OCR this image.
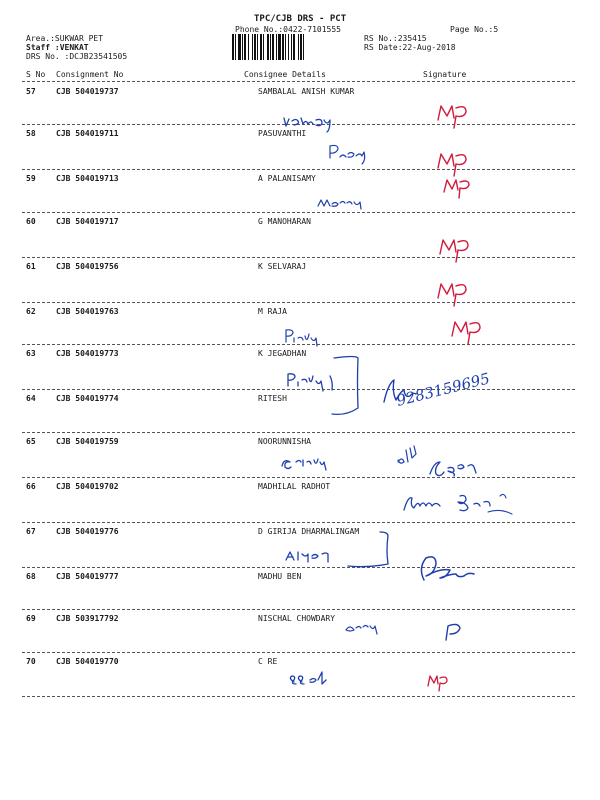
TPC/CJB DRS - PCT
Phone No.:0422-7101555
Area.:SUKWAR PET
Staff :VENKAT
DRS No. :DCJB23541505
RS No.:235415
RS Date:22-Aug-2018
Page No.:5
S No Consignment No	Consignee Details	Signature
57	CJB 504019737	SAMBALAL ANISH KUMAR
58	CJB 504019711	PASUVANTHI
59	CJB 504019713	A PALANISAMY
60	CJB 504019717	G MANOHARAN
61	CJB 504019756	K SELVARAJ
62	CJB 504019763	M RAJA
63	CJB 504019773	K JEGADHAN
64	CJB 504019774	RITESH
65	CJB 504019759	NOORUNNISHA
66	CJB 504019702	MADHILAL RADHOT
67	CJB 504019776	D GIRIJA DHARMALINGAM
68	CJB 504019777	MADHU BEN
69	CJB 503917792	NISCHAL CHOWDARY
70	CJB 504019770	C RE
9283159695
